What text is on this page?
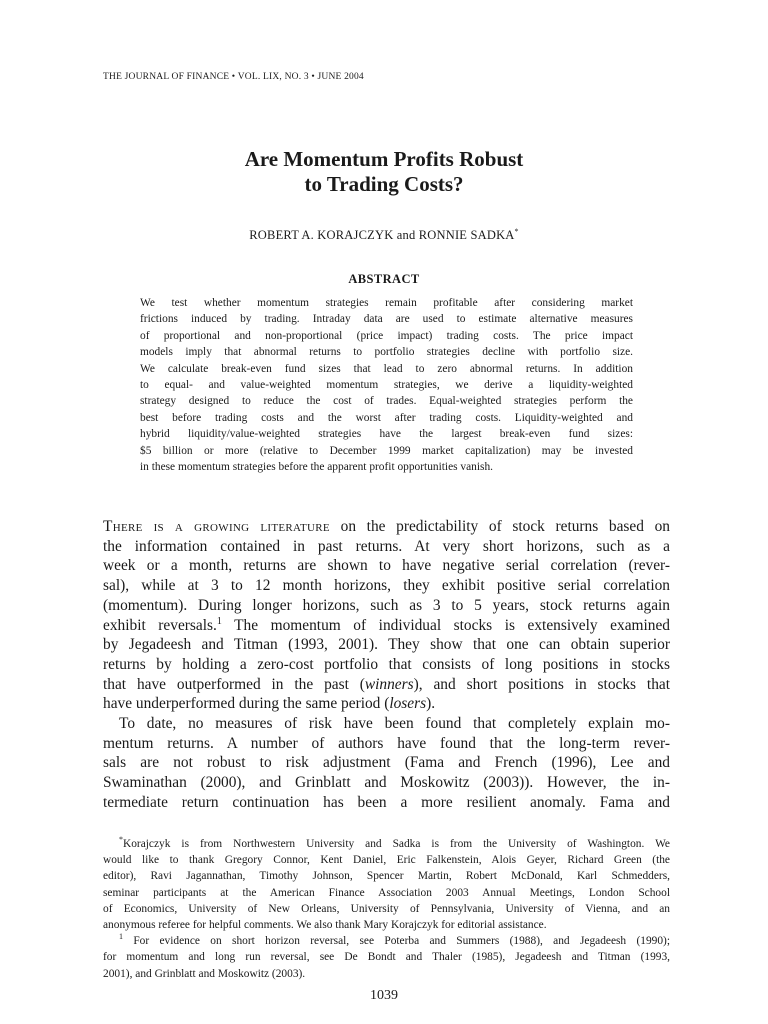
THE JOURNAL OF FINANCE • VOL. LIX, NO. 3 • JUNE 2004
Are Momentum Profits Robust
to Trading Costs?
ROBERT A. KORAJCZYK and RONNIE SADKA*
ABSTRACT
We test whether momentum strategies remain profitable after considering market
frictions induced by trading. Intraday data are used to estimate alternative measures
of proportional and non-proportional (price impact) trading costs. The price impact
models imply that abnormal returns to portfolio strategies decline with portfolio size.
We calculate break-even fund sizes that lead to zero abnormal returns. In addition
to equal- and value-weighted momentum strategies, we derive a liquidity-weighted
strategy designed to reduce the cost of trades. Equal-weighted strategies perform the
best before trading costs and the worst after trading costs. Liquidity-weighted and
hybrid liquidity/value-weighted strategies have the largest break-even fund sizes:
$5 billion or more (relative to December 1999 market capitalization) may be invested
in these momentum strategies before the apparent profit opportunities vanish.
There is a growing literature on the predictability of stock returns based on
the information contained in past returns. At very short horizons, such as a
week or a month, returns are shown to have negative serial correlation (rever-
sal), while at 3 to 12 month horizons, they exhibit positive serial correlation
(momentum). During longer horizons, such as 3 to 5 years, stock returns again
exhibit reversals.$^1$ The momentum of individual stocks is extensively examined
by Jegadeesh and Titman (1993, 2001). They show that one can obtain superior
returns by holding a zero-cost portfolio that consists of long positions in stocks
that have outperformed in the past (winners), and short positions in stocks that
have underperformed during the same period (losers).
To date, no measures of risk have been found that completely explain mo-
mentum returns. A number of authors have found that the long-term rever-
sals are not robust to risk adjustment (Fama and French (1996), Lee and
Swaminathan (2000), and Grinblatt and Moskowitz (2003)). However, the in-
termediate return continuation has been a more resilient anomaly. Fama and
*Korajczyk is from Northwestern University and Sadka is from the University of Washington. We
would like to thank Gregory Connor, Kent Daniel, Eric Falkenstein, Alois Geyer, Richard Green (the
editor), Ravi Jagannathan, Timothy Johnson, Spencer Martin, Robert McDonald, Karl Schmedders,
seminar participants at the American Finance Association 2003 Annual Meetings, London School
of Economics, University of New Orleans, University of Pennsylvania, University of Vienna, and an
anonymous referee for helpful comments. We also thank Mary Korajczyk for editorial assistance.
$^1$ For evidence on short horizon reversal, see Poterba and Summers (1988), and Jegadeesh (1990);
for momentum and long run reversal, see De Bondt and Thaler (1985), Jegadeesh and Titman (1993,
2001), and Grinblatt and Moskowitz (2003).
1039
